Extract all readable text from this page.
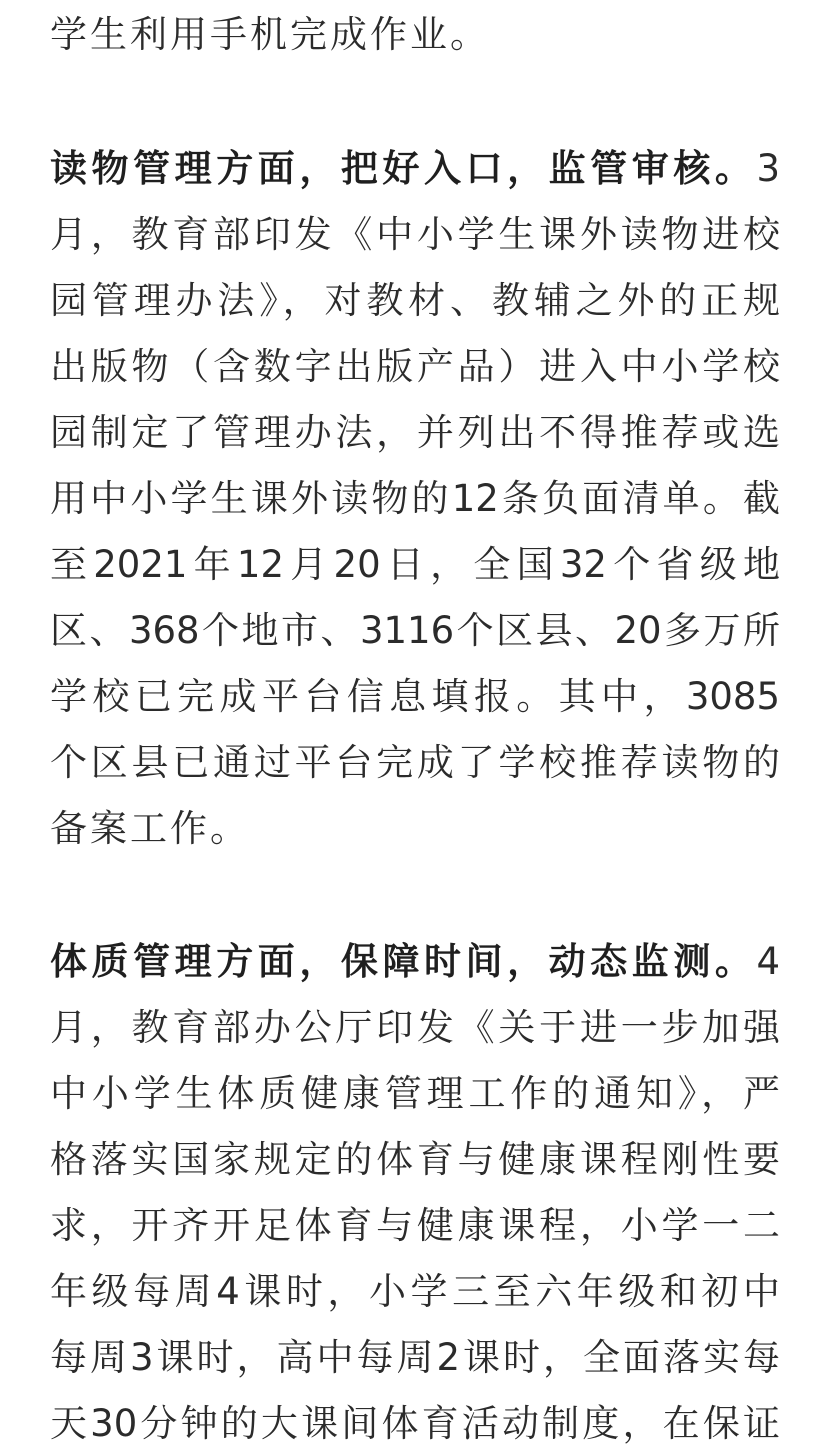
学生利用手机完成作业。
读物管理方面，把好入口，监管审核。3
月，教育部印发《中小学生课外读物进校
园管理办法》，对教材、教辅之外的正规
出版物（含数字出版产品）进入中小学校
园制定了管理办法，并列出不得推荐或选
用中小学生课外读物的12条负面清单。截
至2021年12月20日，全国32个省级地
区、368个地市、3116个区县、20多万所
学校已完成平台信息填报。其中，3085
个区县已通过平台完成了学校推荐读物的
备案工作。
体质管理方面，保障时间，动态监测。4
月，教育部办公厅印发《关于进一步加强
中小学生体质健康管理工作的通知》，严
格落实国家规定的体育与健康课程刚性要
求，开齐开足体育与健康课程，小学一二
年级每周4课时，小学三至六年级和初中
每周3课时，高中每周2课时，全面落实每
天30分钟的大课间体育活动制度，在保证
